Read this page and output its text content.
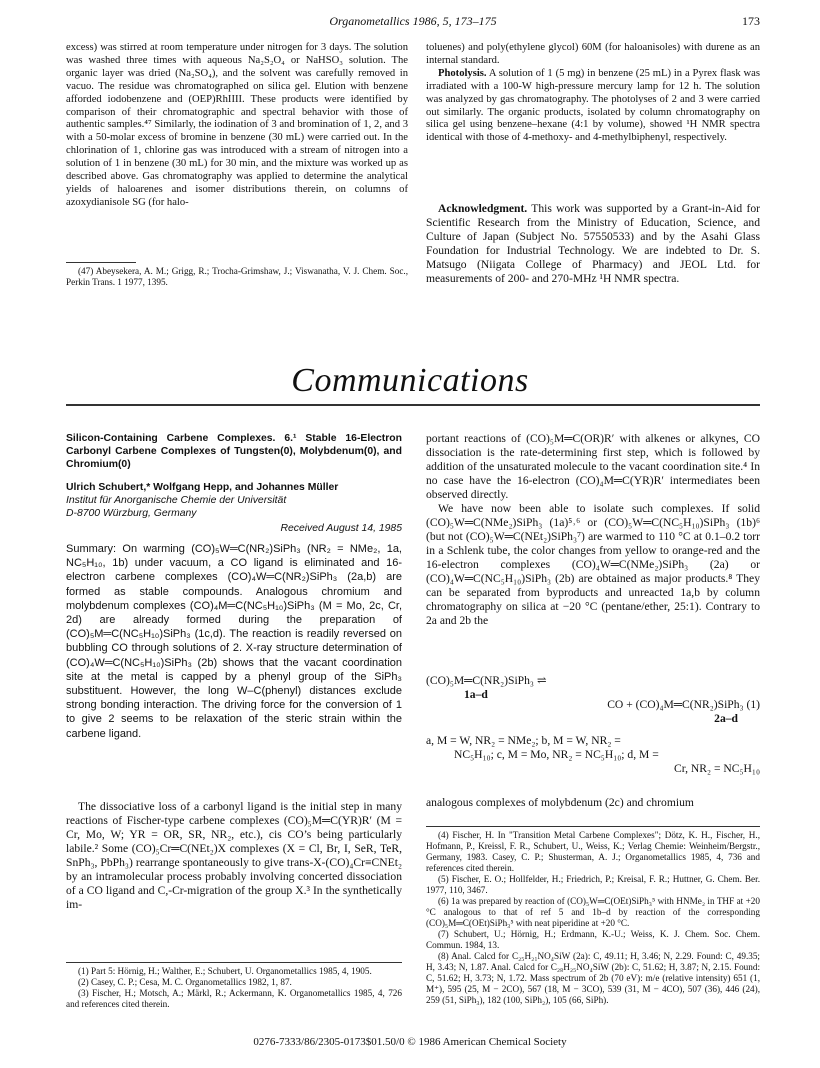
Organometallics 1986, 5, 173–175	173

excess) was stirred at room temperature under nitrogen for 3 days. The solution was washed three times with aqueous Na₂S₂O₄ or NaHSO₃ solution. The organic layer was dried (Na₂SO₄), and the solvent was carefully removed in vacuo. The residue was chromatographed on silica gel. Elution with benzene afforded iodobenzene and (OEP)RhIIII. These products were identified by comparison of their chromatographic and spectral behavior with those of authentic samples.⁴⁷ Similarly, the iodination of 3 and bromination of 1, 2, and 3 with a 50-molar excess of bromine in benzene (30 mL) were carried out. In the chlorination of 1, chlorine gas was introduced with a stream of nitrogen into a solution of 1 in benzene (30 mL) for 30 min, and the mixture was worked up as described above. Gas chromatography was applied to determine the analytical yields of haloarenes and isomer distributions therein, on columns of azoxydianisole SG (for halo-

(47) Abeysekera, A. M.; Grigg, R.; Trocha-Grimshaw, J.; Viswanatha, V. J. Chem. Soc., Perkin Trans. 1 1977, 1395.

toluenes) and poly(ethylene glycol) 60M (for haloanisoles) with durene as an internal standard.

Photolysis. A solution of 1 (5 mg) in benzene (25 mL) in a Pyrex flask was irradiated with a 100-W high-pressure mercury lamp for 12 h. The solution was analyzed by gas chromatography. The photolyses of 2 and 3 were carried out similarly. The organic products, isolated by column chromatography on silica gel using benzene–hexane (4:1 by volume), showed ¹H NMR spectra identical with those of 4-methoxy- and 4-methylbiphenyl, respectively.

Acknowledgment. This work was supported by a Grant-in-Aid for Scientific Research from the Ministry of Education, Science, and Culture of Japan (Subject No. 57550533) and by the Asahi Glass Foundation for Industrial Technology. We are indebted to Dr. S. Matsugo (Niigata College of Pharmacy) and JEOL Ltd. for measurements of 200- and 270-MHz ¹H NMR spectra.

Communications
Silicon-Containing Carbene Complexes. 6.¹ Stable 16-Electron Carbonyl Carbene Complexes of Tungsten(0), Molybdenum(0), and Chromium(0)
Ulrich Schubert,* Wolfgang Hepp, and Johannes Müller
Institut für Anorganische Chemie der Universität
D-8700 Würzburg, Germany
Received August 14, 1985
Summary: On warming (CO)₅W═C(NR₂)SiPh₃ (NR₂ = NMe₂, 1a, NC₅H₁₀, 1b) under vacuum, a CO ligand is eliminated and 16-electron carbene complexes (CO)₄W═C(NR₂)SiPh₃ (2a,b) are formed as stable compounds. Analogous chromium and molybdenum complexes (CO)₄M═C(NC₅H₁₀)SiPh₃ (M = Mo, 2c, Cr, 2d) are already formed during the preparation of (CO)₅M═C(NC₅H₁₀)SiPh₃ (1c,d). The reaction is readily reversed on bubbling CO through solutions of 2. X-ray structure determination of (CO)₄W═C(NC₅H₁₀)SiPh₃ (2b) shows that the vacant coordination site at the metal is capped by a phenyl group of the SiPh₃ substituent. However, the long W–C(phenyl) distances exclude strong bonding interaction. The driving force for the conversion of 1 to give 2 seems to be relaxation of the steric strain within the carbene ligand.

The dissociative loss of a carbonyl ligand is the initial step in many reactions of Fischer-type carbene complexes (CO)₅M═C(YR)R′ (M = Cr, Mo, W; YR = OR, SR, NR₂, etc.), cis CO’s being particularly labile.² Some (CO)₅Cr═C(NEt₂)X complexes (X = Cl, Br, I, SeR, TeR, SnPh₃, PbPh₃) rearrange spontaneously to give trans-X-(CO)₄Cr≡CNEt₂ by an intramolecular process probably involving concerted dissociation of a CO ligand and C,-Cr-migration of the group X.³ In the synthetically im-

(1) Part 5: Hörnig, H.; Walther, E.; Schubert, U. Organometallics 1985, 4, 1905.

(2) Casey, C. P.; Cesa, M. C. Organometallics 1982, 1, 87.

(3) Fischer, H.; Motsch, A.; Märkl, R.; Ackermann, K. Organometallics 1985, 4, 726 and references cited therein.

portant reactions of (CO)₅M═C(OR)R′ with alkenes or alkynes, CO dissociation is the rate-determining first step, which is followed by addition of the unsaturated molecule to the vacant coordination site.⁴ In no case have the 16-electron (CO)₄M═C(YR)R′ intermediates been observed directly.

We have now been able to isolate such complexes. If solid (CO)₅W═C(NMe₂)SiPh₃ (1a)⁵˒⁶ or (CO)₅W═C(NC₅H₁₀)SiPh₃ (1b)⁶ (but not (CO)₅W═C(NEt₂)SiPh₃⁷) are warmed to 110 °C at 0.1–0.2 torr in a Schlenk tube, the color changes from yellow to orange-red and the 16-electron complexes (CO)₄W═C(NMe₂)SiPh₃ (2a) or (CO)₄W═C(NC₅H₁₀)SiPh₃ (2b) are obtained as major products.⁸ They can be separated from byproducts and unreacted 1a,b by column chromatography on silica at −20 °C (pentane/ether, 25:1). Contrary to 2a and 2b the

(CO)₅M═C(NR₂)SiPh₃ ⇌
1a–d
CO + (CO)₄M═C(NR₂)SiPh₃ (1)
2a–d
a, M = W, NR₂ = NMe₂; b, M = W, NR₂ =
NC₅H₁₀; c, M = Mo, NR₂ = NC₅H₁₀; d, M =
Cr, NR₂ = NC₅H₁₀

analogous complexes of molybdenum (2c) and chromium

(4) Fischer, H. In "Transition Metal Carbene Complexes"; Dötz, K. H., Fischer, H., Hofmann, P., Kreissl, F. R., Schubert, U., Weiss, K.; Verlag Chemie: Weinheim/Bergstr., Germany, 1983. Casey, C. P.; Shusterman, A. J.; Organometallics 1985, 4, 736 and references cited therein.

(5) Fischer, E. O.; Hollfelder, H.; Friedrich, P.; Kreisal, F. R.; Huttner, G. Chem. Ber. 1977, 110, 3467.

(6) 1a was prepared by reaction of (CO)₅W═C(OEt)SiPh₃⁵ with HNMe₂ in THF at +20 °C analogous to that of ref 5 and 1b–d by reaction of the corresponding (CO)₅M═C(OEt)SiPh₃⁵ with neat piperidine at +20 °C.

(7) Schubert, U.; Hörnig, H.; Erdmann, K.-U.; Weiss, K. J. Chem. Soc. Chem. Commun. 1984, 13.

(8) Anal. Calcd for C₂₅H₂₁NO₄SiW (2a): C, 49.11; H, 3.46; N, 2.29. Found: C, 49.35; H, 3.43; N, 1.87. Anal. Calcd for C₂₈H₂₅NO₄SiW (2b): C, 51.62; H, 3.87; N, 2.15. Found: C, 51.62; H, 3.73; N, 1.72. Mass spectrum of 2b (70 eV): m/e (relative intensity) 651 (1, M⁺), 595 (25, M − 2CO), 567 (18, M − 3CO), 539 (31, M − 4CO), 507 (36), 446 (24), 259 (51, SiPh₃), 182 (100, SiPh₂), 105 (66, SiPh).

0276-7333/86/2305-0173$01.50/0 © 1986 American Chemical Society
